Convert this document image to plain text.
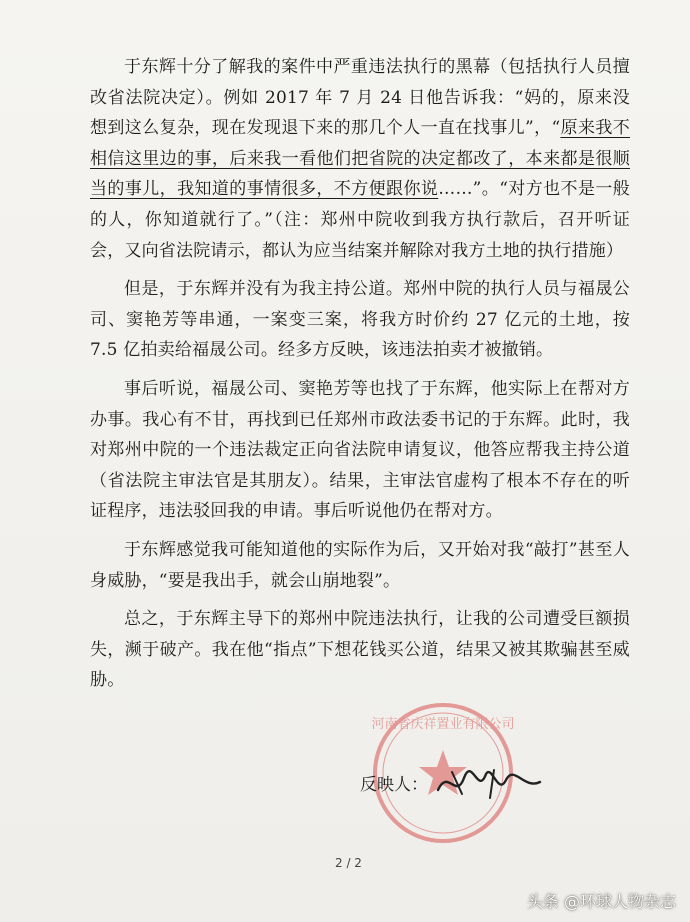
于东辉十分了解我的案件中严重违法执行的黑幕（包括执行人员擅改省法院决定）。例如 2017 年 7 月 24 日他告诉我：“妈的，原来没想到这么复杂，现在发现退下来的那几个人一直在找事儿”，“原来我不相信这里边的事，后来我一看他们把省院的决定都改了，本来都是很顺当的事儿，我知道的事情很多，不方便跟你说……”。“对方也不是一般的人，你知道就行了。”（注：郑州中院收到我方执行款后，召开听证会，又向省法院请示，都认为应当结案并解除对我方土地的执行措施）

但是，于东辉并没有为我主持公道。郑州中院的执行人员与福晟公司、窦艳芳等串通，一案变三案，将我方时价约 27 亿元的土地，按 7.5 亿拍卖给福晟公司。经多方反映，该违法拍卖才被撤销。

事后听说，福晟公司、窦艳芳等也找了于东辉，他实际上在帮对方办事。我心有不甘，再找到已任郑州市政法委书记的于东辉。此时，我对郑州中院的一个违法裁定正向省法院申请复议，他答应帮我主持公道（省法院主审法官是其朋友）。结果，主审法官虚构了根本不存在的听证程序，违法驳回我的申请。事后听说他仍在帮对方。

于东辉感觉我可能知道他的实际作为后，又开始对我“敲打”甚至人身威胁，“要是我出手，就会山崩地裂”。

总之，于东辉主导下的郑州中院违法执行，让我的公司遭受巨额损失，濒于破产。我在他“指点”下想花钱买公道，结果又被其欺骗甚至威胁。

河南省庆祥置业有限公司
反映人：
2 / 2
头条 @环球人物杂志
